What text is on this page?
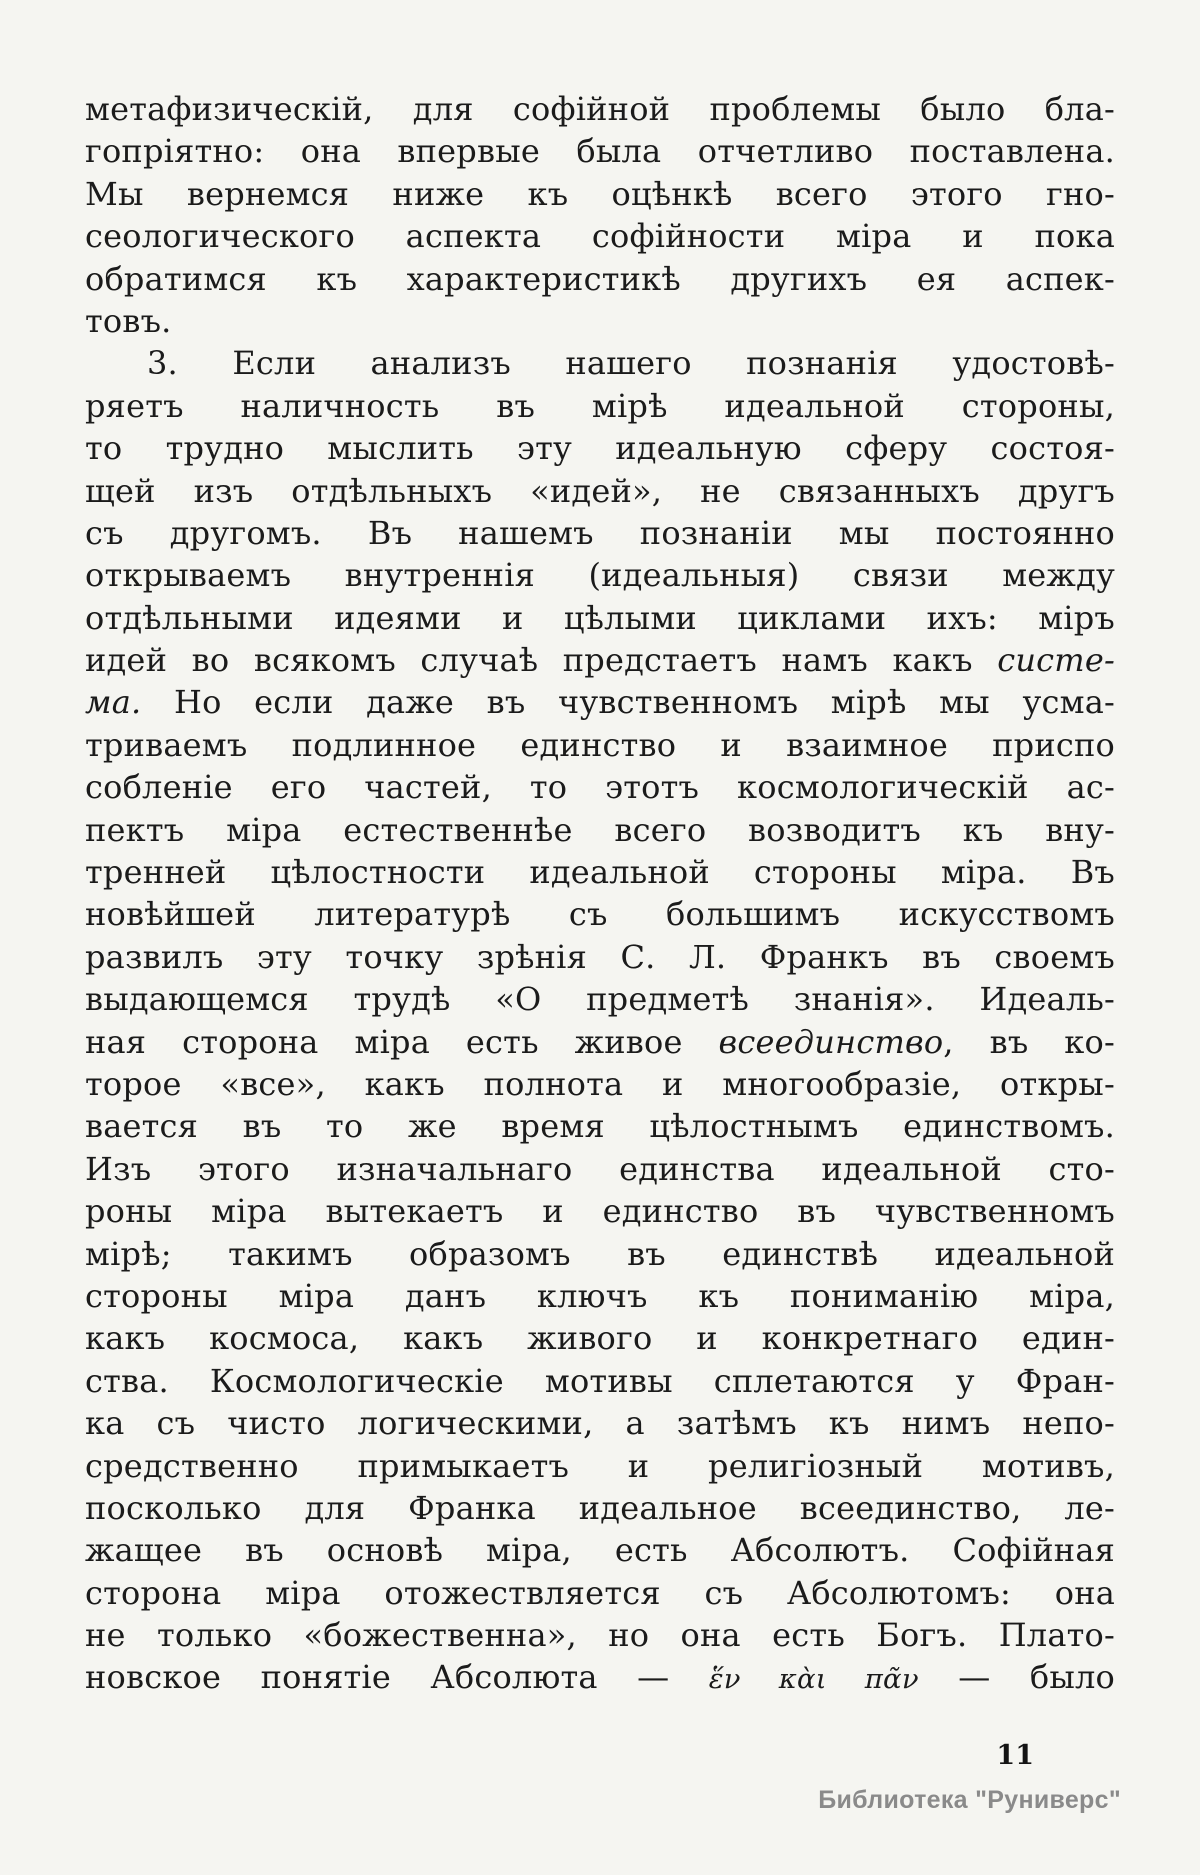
метафизическій, для софійной проблемы было бла-
гопріятно: она впервые была отчетливо поставлена.
Мы вернемся ниже къ оцѣнкѣ всего этого гно-
сеологического аспекта софійности міра и пока
обратимся къ характеристикѣ другихъ ея аспек-
товъ.
3. Если анализъ нашего познанія удостовѣ-
ряетъ наличность въ мірѣ идеальной стороны,
то трудно мыслить эту идеальную сферу состоя-
щей изъ отдѣльныхъ «идей», не связанныхъ другъ
съ другомъ. Въ нашемъ познаніи мы постоянно
открываемъ внутреннія (идеальныя) связи между
отдѣльными идеями и цѣлыми циклами ихъ: міръ
идей во всякомъ случаѣ предстаетъ намъ какъ систе-
ма. Но если даже въ чувственномъ мірѣ мы усма-
триваемъ подлинное единство и взаимное приспо
собленіе его частей, то этотъ космологическій ас-
пектъ міра естественнѣе всего возводитъ къ вну-
тренней цѣлостности идеальной стороны міра. Въ
новѣйшей литературѣ съ большимъ искусствомъ
развилъ эту точку зрѣнія С. Л. Франкъ въ своемъ
выдающемся трудѣ «О предметѣ знанія». Идеаль-
ная сторона міра есть живое всеединство, въ ко-
торое «все», какъ полнота и многообразіе, откры-
вается въ то же время цѣлостнымъ единствомъ.
Изъ этого изначальнаго единства идеальной сто-
роны міра вытекаетъ и единство въ чувственномъ
мірѣ; такимъ образомъ въ единствѣ идеальной
стороны міра данъ ключъ къ пониманію міра,
какъ космоса, какъ живого и конкретнаго един-
ства. Космологическіе мотивы сплетаются у Фран-
ка съ чисто логическими, а затѣмъ къ нимъ непо-
средственно примыкаетъ и религіозный мотивъ,
посколько для Франка идеальное всеединство, ле-
жащее въ основѣ міра, есть Абсолютъ. Софійная
сторона міра отожествляется съ Абсолютомъ: она
не только «божественна», но она есть Богъ. Плато-
новское понятіе Абсолюта — ἕν κὰι πᾶν — было
11
Библиотека "Руниверс"
